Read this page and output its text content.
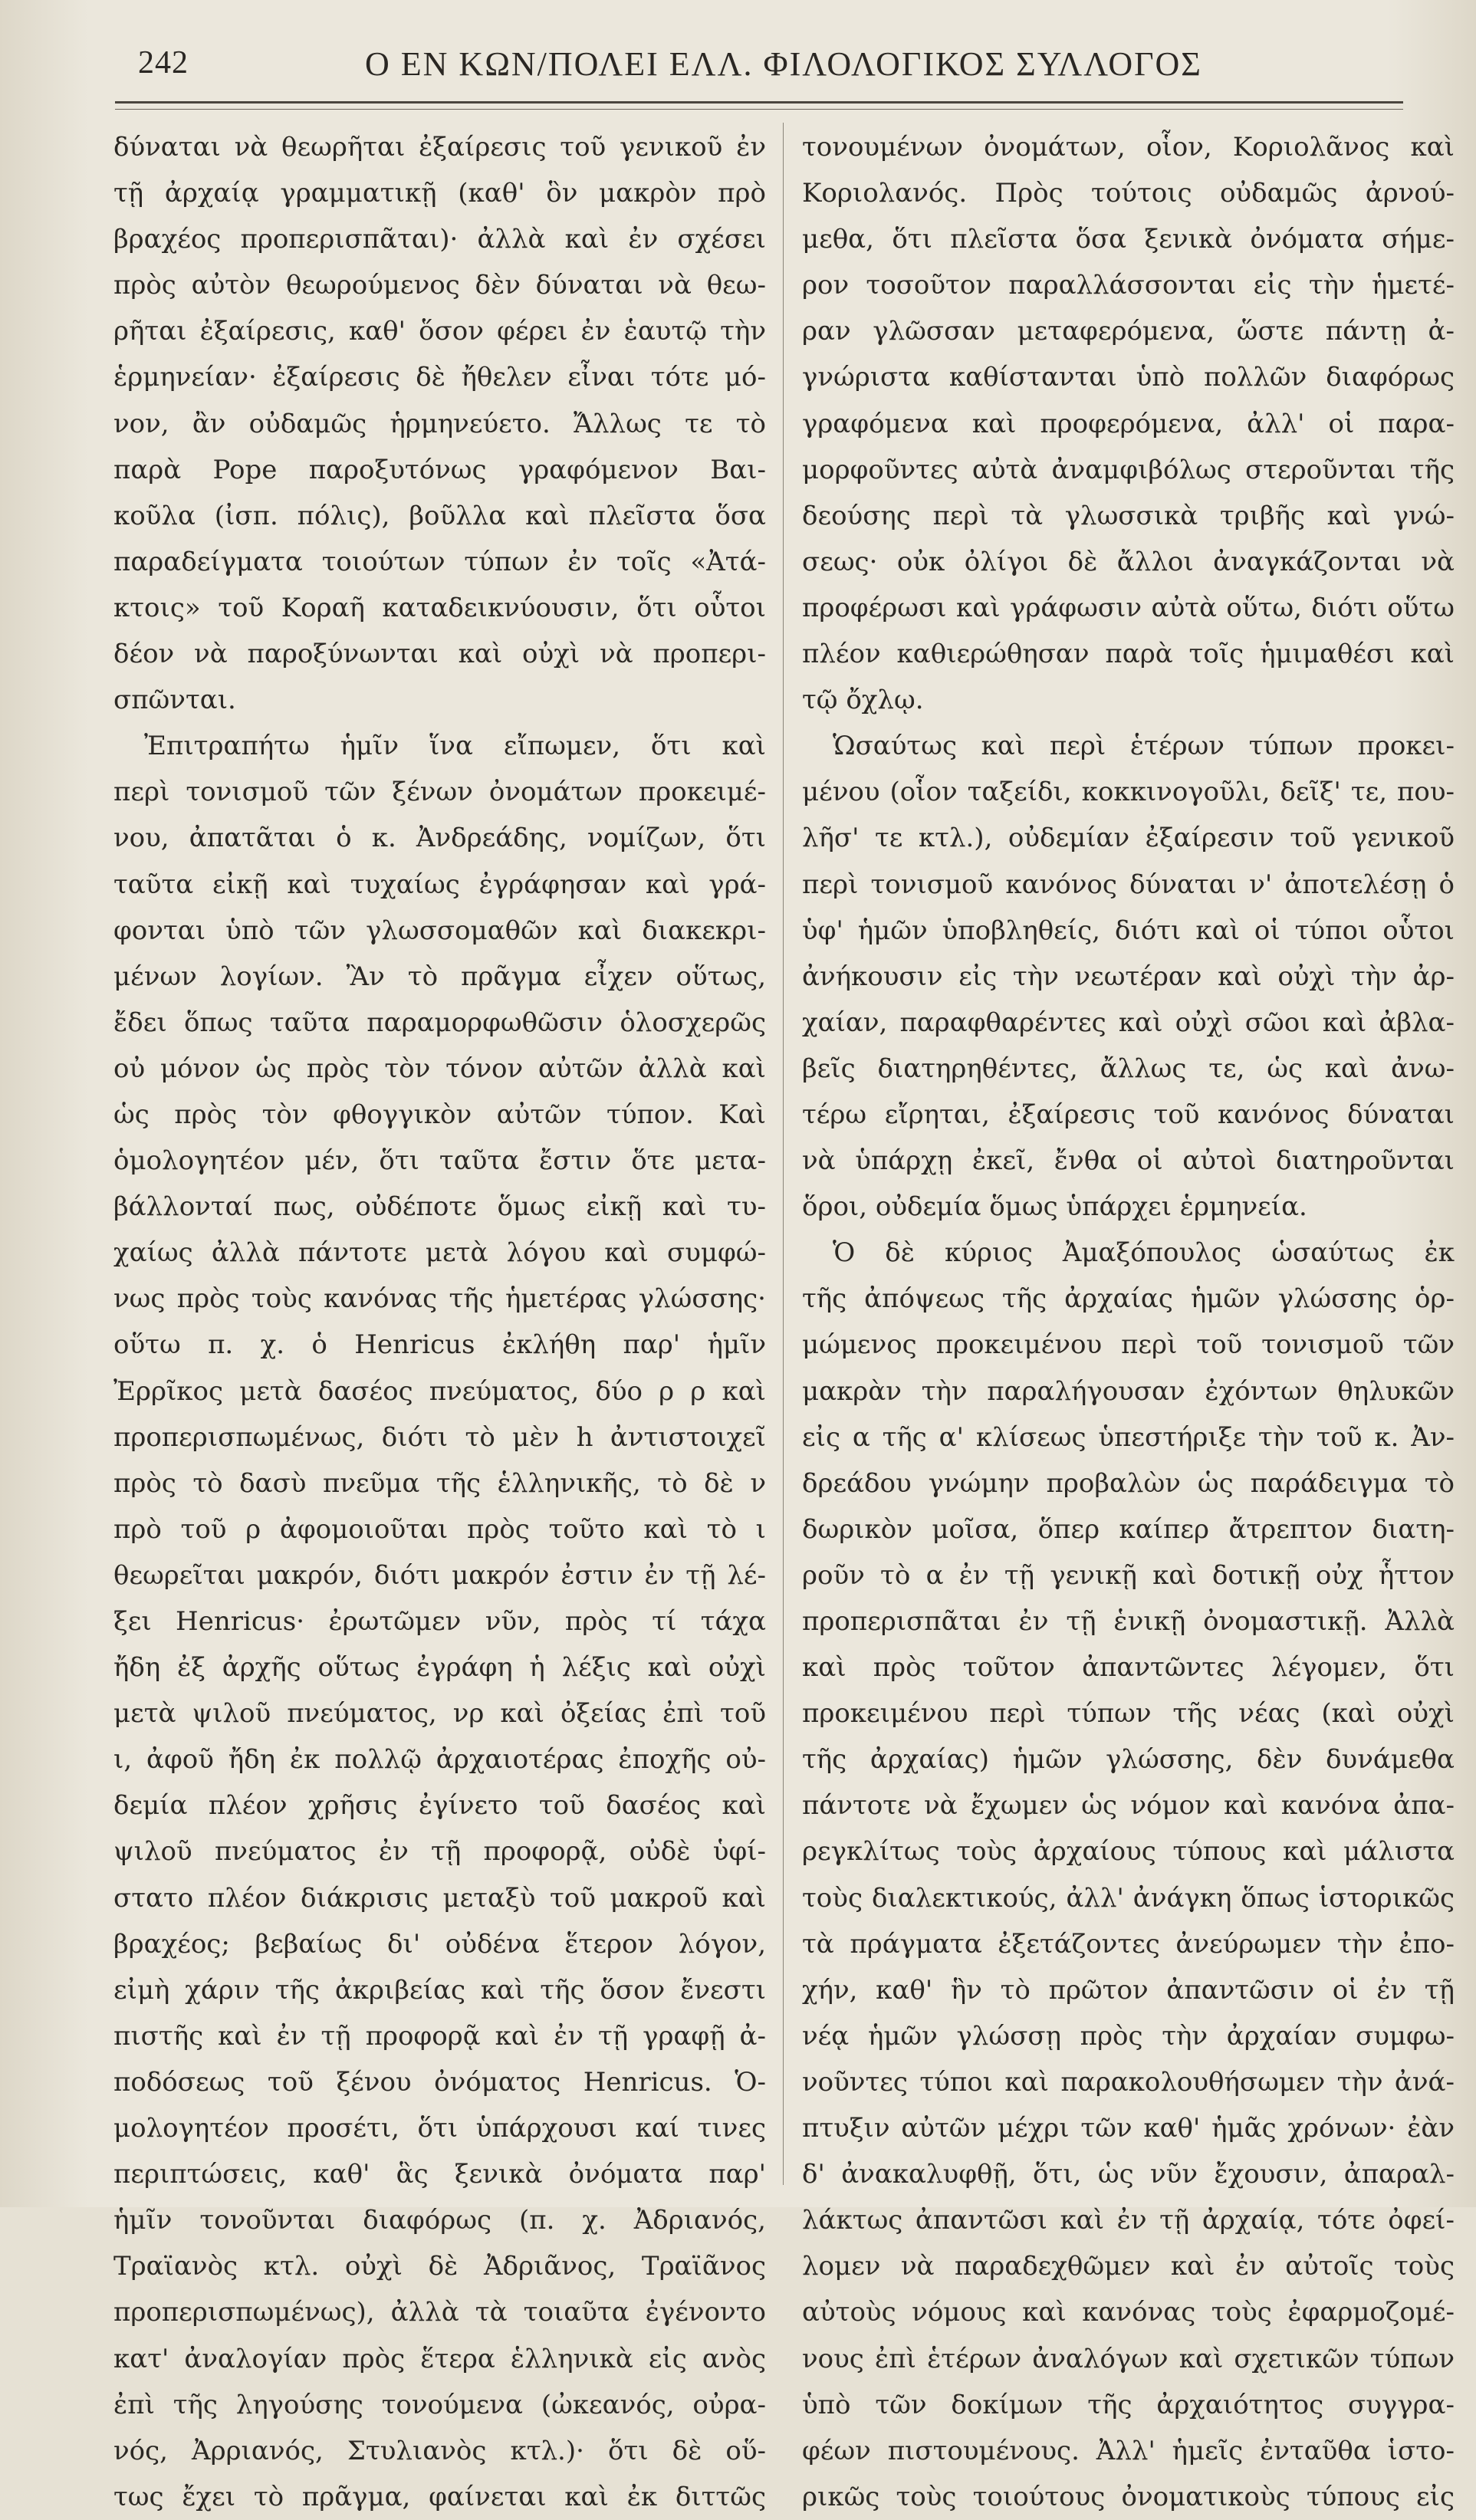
242	Ο ΕΝ ΚΩΝ/ΠΟΛΕΙ ΕΛΛ. ΦΙΛΟΛΟΓΙΚΟΣ ΣΥΛΛΟΓΟΣ
δύναται νὰ θεωρῆται ἐξαίρεσις τοῦ γενικοῦ ἐν
τῇ ἀρχαίᾳ γραμματικῇ (καθ' ὃν μακρὸν πρὸ
βραχέος προπερισπᾶται)· ἀλλὰ καὶ ἐν σχέσει
πρὸς αὐτὸν θεωρούμενος δὲν δύναται νὰ θεω-
ρῆται ἐξαίρεσις, καθ' ὅσον φέρει ἐν ἑαυτῷ τὴν
ἑρμηνείαν· ἐξαίρεσις δὲ ἤθελεν εἶναι τότε μό-
νον, ἂν οὐδαμῶς ἡρμηνεύετο. Ἄλλως τε τὸ
παρὰ Pope παροξυτόνως γραφόμενον Βαι-
κοῦλα (ἰσπ. πόλις), βοῦλλα καὶ πλεῖστα ὅσα
παραδείγματα τοιούτων τύπων ἐν τοῖς «Ἀτά-
κτοις» τοῦ Κοραῆ καταδεικνύουσιν, ὅτι οὗτοι
δέον νὰ παροξύνωνται καὶ οὐχὶ νὰ προπερι-
σπῶνται.
Ἐπιτραπήτω ἡμῖν ἵνα εἴπωμεν, ὅτι καὶ
περὶ τονισμοῦ τῶν ξένων ὀνομάτων προκειμέ-
νου, ἀπατᾶται ὁ κ. Ἀνδρεάδης, νομίζων, ὅτι
ταῦτα εἰκῇ καὶ τυχαίως ἐγράφησαν καὶ γρά-
φονται ὑπὸ τῶν γλωσσομαθῶν καὶ διακεκρι-
μένων λογίων. Ἂν τὸ πρᾶγμα εἶχεν οὕτως,
ἔδει ὅπως ταῦτα παραμορφωθῶσιν ὁλοσχερῶς
οὐ μόνον ὡς πρὸς τὸν τόνον αὐτῶν ἀλλὰ καὶ
ὡς πρὸς τὸν φθογγικὸν αὐτῶν τύπον. Καὶ
ὁμολογητέον μέν, ὅτι ταῦτα ἔστιν ὅτε μετα-
βάλλονταί πως, οὐδέποτε ὅμως εἰκῇ καὶ τυ-
χαίως ἀλλὰ πάντοτε μετὰ λόγου καὶ συμφώ-
νως πρὸς τοὺς κανόνας τῆς ἡμετέρας γλώσσης·
οὕτω π. χ. ὁ Henricus ἐκλήθη παρ' ἡμῖν
Ἐρρῖκος μετὰ δασέος πνεύματος, δύο ρ ρ καὶ
προπερισπωμένως, διότι τὸ μὲν h ἀντιστοιχεῖ
πρὸς τὸ δασὺ πνεῦμα τῆς ἑλληνικῆς, τὸ δὲ ν
πρὸ τοῦ ρ ἀφομοιοῦται πρὸς τοῦτο καὶ τὸ ι
θεωρεῖται μακρόν, διότι μακρόν ἐστιν ἐν τῇ λέ-
ξει Henricus· ἐρωτῶμεν νῦν, πρὸς τί τάχα
ἤδη ἐξ ἀρχῆς οὕτως ἐγράφη ἡ λέξις καὶ οὐχὶ
μετὰ ψιλοῦ πνεύματος, νρ καὶ ὀξείας ἐπὶ τοῦ
ι, ἀφοῦ ἤδη ἐκ πολλῷ ἀρχαιοτέρας ἐποχῆς οὐ-
δεμία πλέον χρῆσις ἐγίνετο τοῦ δασέος καὶ
ψιλοῦ πνεύματος ἐν τῇ προφορᾷ, οὐδὲ ὑφί-
στατο πλέον διάκρισις μεταξὺ τοῦ μακροῦ καὶ
βραχέος; βεβαίως δι' οὐδένα ἕτερον λόγον,
εἰμὴ χάριν τῆς ἀκριβείας καὶ τῆς ὅσον ἔνεστι
πιστῆς καὶ ἐν τῇ προφορᾷ καὶ ἐν τῇ γραφῇ ἀ-
ποδόσεως τοῦ ξένου ὀνόματος Henricus. Ὁ-
μολογητέον προσέτι, ὅτι ὑπάρχουσι καί τινες
περιπτώσεις, καθ' ἃς ξενικὰ ὀνόματα παρ'
ἡμῖν τονοῦνται διαφόρως (π. χ. Ἀδριανός,
Τραϊανὸς κτλ. οὐχὶ δὲ Ἀδριᾶνος, Τραϊᾶνος
προπερισπωμένως), ἀλλὰ τὰ τοιαῦτα ἐγένοντο
κατ' ἀναλογίαν πρὸς ἕτερα ἑλληνικὰ εἰς ανὸς
ἐπὶ τῆς ληγούσης τονούμενα (ὠκεανός, οὐρα-
νός, Ἀρριανός, Στυλιανὸς κτλ.)· ὅτι δὲ οὕ-
τως ἔχει τὸ πρᾶγμα, φαίνεται καὶ ἐκ διττῶς
τονουμένων ὀνομάτων, οἷον, Κοριολᾶνος καὶ
Κοριολανός. Πρὸς τούτοις οὐδαμῶς ἀρνού-
μεθα, ὅτι πλεῖστα ὅσα ξενικὰ ὀνόματα σήμε-
ρον τοσοῦτον παραλλάσσονται εἰς τὴν ἡμετέ-
ραν γλῶσσαν μεταφερόμενα, ὥστε πάντῃ ἀ-
γνώριστα καθίστανται ὑπὸ πολλῶν διαφόρως
γραφόμενα καὶ προφερόμενα, ἀλλ' οἱ παρα-
μορφοῦντες αὐτὰ ἀναμφιβόλως στεροῦνται τῆς
δεούσης περὶ τὰ γλωσσικὰ τριβῆς καὶ γνώ-
σεως· οὐκ ὀλίγοι δὲ ἄλλοι ἀναγκάζονται νὰ
προφέρωσι καὶ γράφωσιν αὐτὰ οὕτω, διότι οὕτω
πλέον καθιερώθησαν παρὰ τοῖς ἡμιμαθέσι καὶ
τῷ ὄχλῳ.
Ὡσαύτως καὶ περὶ ἑτέρων τύπων προκει-
μένου (οἷον ταξείδι, κοκκινογοῦλι, δεῖξ' τε, που-
λῆσ' τε κτλ.), οὐδεμίαν ἐξαίρεσιν τοῦ γενικοῦ
περὶ τονισμοῦ κανόνος δύναται ν' ἀποτελέσῃ ὁ
ὑφ' ἡμῶν ὑποβληθείς, διότι καὶ οἱ τύποι οὗτοι
ἀνήκουσιν εἰς τὴν νεωτέραν καὶ οὐχὶ τὴν ἀρ-
χαίαν, παραφθαρέντες καὶ οὐχὶ σῶοι καὶ ἀβλα-
βεῖς διατηρηθέντες, ἄλλως τε, ὡς καὶ ἀνω-
τέρω εἴρηται, ἐξαίρεσις τοῦ κανόνος δύναται
νὰ ὑπάρχῃ ἐκεῖ, ἔνθα οἱ αὐτοὶ διατηροῦνται
ὅροι, οὐδεμία ὅμως ὑπάρχει ἑρμηνεία.
Ὁ δὲ κύριος Ἀμαξόπουλος ὡσαύτως ἐκ
τῆς ἀπόψεως τῆς ἀρχαίας ἡμῶν γλώσσης ὁρ-
μώμενος προκειμένου περὶ τοῦ τονισμοῦ τῶν
μακρὰν τὴν παραλήγουσαν ἐχόντων θηλυκῶν
εἰς α τῆς α' κλίσεως ὑπεστήριξε τὴν τοῦ κ. Ἀν-
δρεάδου γνώμην προβαλὼν ὡς παράδειγμα τὸ
δωρικὸν μοῖσα, ὅπερ καίπερ ἄτρεπτον διατη-
ροῦν τὸ α ἐν τῇ γενικῇ καὶ δοτικῇ οὐχ ἧττον
προπερισπᾶται ἐν τῇ ἑνικῇ ὀνομαστικῇ. Ἀλλὰ
καὶ πρὸς τοῦτον ἀπαντῶντες λέγομεν, ὅτι
προκειμένου περὶ τύπων τῆς νέας (καὶ οὐχὶ
τῆς ἀρχαίας) ἡμῶν γλώσσης, δὲν δυνάμεθα
πάντοτε νὰ ἔχωμεν ὡς νόμον καὶ κανόνα ἀπα-
ρεγκλίτως τοὺς ἀρχαίους τύπους καὶ μάλιστα
τοὺς διαλεκτικούς, ἀλλ' ἀνάγκη ὅπως ἱστορικῶς
τὰ πράγματα ἐξετάζοντες ἀνεύρωμεν τὴν ἐπο-
χήν, καθ' ἣν τὸ πρῶτον ἀπαντῶσιν οἱ ἐν τῇ
νέᾳ ἡμῶν γλώσσῃ πρὸς τὴν ἀρχαίαν συμφω-
νοῦντες τύποι καὶ παρακολουθήσωμεν τὴν ἀνά-
πτυξιν αὐτῶν μέχρι τῶν καθ' ἡμᾶς χρόνων· ἐὰν
δ' ἀνακαλυφθῇ, ὅτι, ὡς νῦν ἔχουσιν, ἀπαραλ-
λάκτως ἀπαντῶσι καὶ ἐν τῇ ἀρχαίᾳ, τότε ὀφεί-
λομεν νὰ παραδεχθῶμεν καὶ ἐν αὐτοῖς τοὺς
αὐτοὺς νόμους καὶ κανόνας τοὺς ἐφαρμοζομέ-
νους ἐπὶ ἑτέρων ἀναλόγων καὶ σχετικῶν τύπων
ὑπὸ τῶν δοκίμων τῆς ἀρχαιότητος συγγρα-
φέων πιστουμένους. Ἀλλ' ἡμεῖς ἐνταῦθα ἱστο-
ρικῶς τοὺς τοιούτους ὀνοματικοὺς τύπους εἰς
